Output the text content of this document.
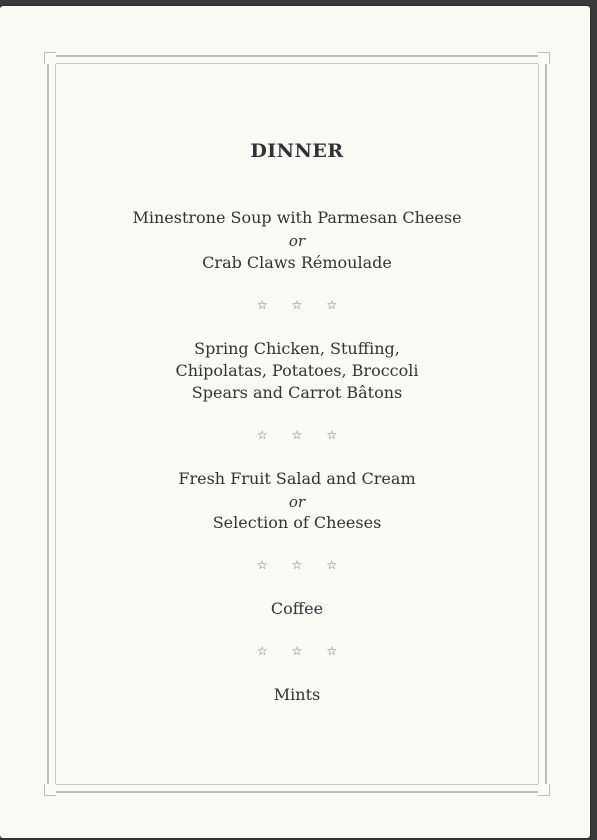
DINNER
Minestrone Soup with Parmesan Cheese
or
Crab Claws Rémoulade
☆ ☆ ☆
Spring Chicken, Stuffing,
Chipolatas, Potatoes, Broccoli
Spears and Carrot Bâtons
☆ ☆ ☆
Fresh Fruit Salad and Cream
or
Selection of Cheeses
☆ ☆ ☆
Coffee
☆ ☆ ☆
Mints
